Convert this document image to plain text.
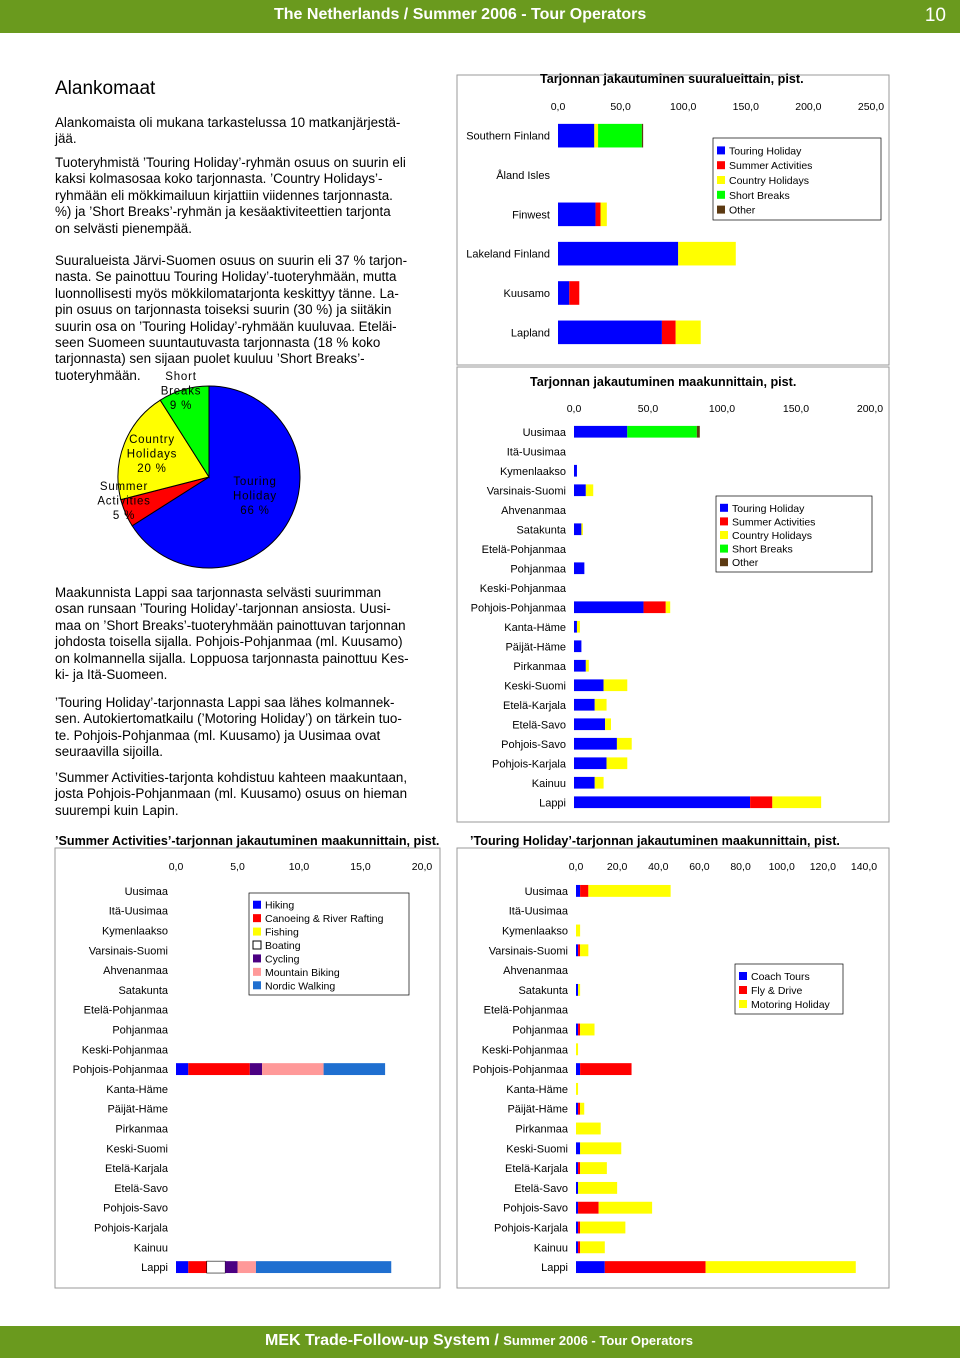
The Netherlands / Summer 2006 - Tour Operators	10
Alankomaat
Alankomaista oli mukana tarkastelussa 10 matkanjärjestä-
jää.
Tuoteryhmistä ’Touring Holiday’-ryhmän osuus on suurin eli
kaksi kolmasosaa koko tarjonnasta. ’Country Holidays’-
ryhmään eli mökkimailuun kirjattiin viidennes tarjonnasta.
%) ja ’Short Breaks’-ryhmän ja kesäaktiviteettien tarjonta
on selvästi pienempää.
Suuralueista Järvi-Suomen osuus on suurin eli 37 % tarjon-
nasta. Se painottuu Touring Holiday’-tuoteryhmään, mutta
luonnollisesti myös mökkilomatarjonta keskittyy tänne. La-
pin osuus on tarjonnasta toiseksi suurin (30 %) ja siitäkin
suurin osa on ’Touring Holiday’-ryhmään kuuluvaa. Eteläi-
seen Suomeen suuntautuvasta tarjonnasta (18 % koko
tarjonnasta) sen sijaan puolet kuuluu ’Short Breaks’-
tuoteryhmään.
Maakunnista Lappi saa tarjonnasta selvästi suurimman
osan runsaan ’Touring Holiday’-tarjonnan ansiosta. Uusi-
maa on ’Short Breaks’-tuoteryhmään painottuvan tarjonnan
johdosta toisella sijalla. Pohjois-Pohjanmaa (ml. Kuusamo)
on kolmannella sijalla. Loppuosa tarjonnasta painottuu Kes-
ki- ja Itä-Suomeen.
’Touring Holiday’-tarjonnasta Lappi saa lähes kolmannek-
sen. Autokiertomatkailu (’Motoring Holiday’) on tärkein tuo-
te. Pohjois-Pohjanmaa (ml. Kuusamo) ja Uusimaa ovat
seuraavilla sijoilla.
’Summer Activities-tarjonta kohdistuu kahteen maakuntaan,
josta Pohjois-Pohjanmaan (ml. Kuusamo) osuus on hieman
suurempi kuin Lapin.
Tarjonnan jakautuminen suuralueittain, pist.
0,0	50,0	100,0	150,0	200,0	250,0
Southern Finland
Åland Isles
Finwest
Lakeland Finland
Kuusamo
Lapland
Touring Holiday
Summer Activities
Country Holidays
Short Breaks
Other
Tarjonnan jakautuminen maakunnittain, pist.
0,0	50,0	100,0	150,0	200,0
Uusimaa
Itä-Uusimaa
Kymenlaakso
Varsinais-Suomi
Ahvenanmaa
Satakunta
Etelä-Pohjanmaa
Pohjanmaa
Keski-Pohjanmaa
Pohjois-Pohjanmaa
Kanta-Häme
Päijät-Häme
Pirkanmaa
Keski-Suomi
Etelä-Karjala
Etelä-Savo
Pohjois-Savo
Pohjois-Karjala
Kainuu
Lappi
Touring Holiday
Summer Activities
Country Holidays
Short Breaks
Other
’Summer Activities’-tarjonnan jakautuminen maakunnittain, pist.
0,0	5,0	10,0	15,0	20,0
Uusimaa
Itä-Uusimaa
Kymenlaakso
Varsinais-Suomi
Ahvenanmaa
Satakunta
Etelä-Pohjanmaa
Pohjanmaa
Keski-Pohjanmaa
Pohjois-Pohjanmaa
Kanta-Häme
Päijät-Häme
Pirkanmaa
Keski-Suomi
Etelä-Karjala
Etelä-Savo
Pohjois-Savo
Pohjois-Karjala
Kainuu
Lappi
Hiking
Canoeing & River Rafting
Fishing
Boating
Cycling
Mountain Biking
Nordic Walking
’Touring Holiday’-tarjonnan jakautuminen maakunnittain, pist.
0,0 20,0 40,0 60,0 80,0 100,0 120,0 140,0
Uusimaa
Itä-Uusimaa
Kymenlaakso
Varsinais-Suomi
Ahvenanmaa
Satakunta
Etelä-Pohjanmaa
Pohjanmaa
Keski-Pohjanmaa
Pohjois-Pohjanmaa
Kanta-Häme
Päijät-Häme
Pirkanmaa
Keski-Suomi
Etelä-Karjala
Etelä-Savo
Pohjois-Savo
Pohjois-Karjala
Kainuu
Lappi
Coach Tours
Fly & Drive
Motoring Holiday
Touring Holiday 66 %
Summer Activities 5 %
Country Holidays 20 %
Short Breaks 9 %
MEK Trade-Follow-up System / Summer 2006 - Tour Operators
